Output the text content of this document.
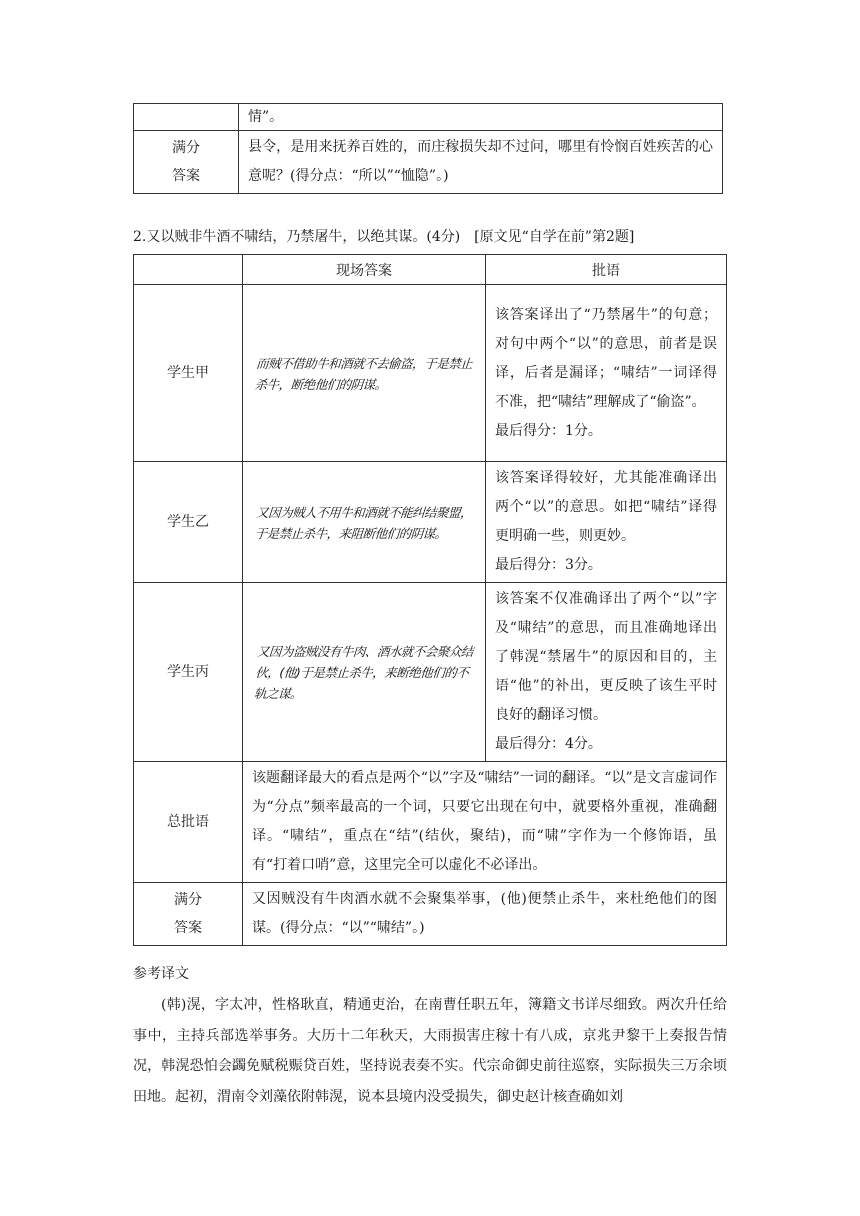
	情”。
满分
答案	县令，是用来抚养百姓的，而庄稼损失却不过问，哪里有怜悯百姓疾苦的心意呢？(得分点：“所以”“恤隐”。)

2.又以贼非牛酒不啸结，乃禁屠牛，以绝其谋。(4分)　[原文见“自学在前”第2题]

	现场答案	批语
学生甲	而贼不借助牛和酒就不去偷盗，于是禁止杀牛，断绝他们的阴谋。	该答案译出了“乃禁屠牛”的句意；对句中两个“以”的意思，前者是误译，后者是漏译；“啸结”一词译得不准，把“啸结”理解成了“偷盗”。
最后得分：1分。

学生乙	又因为贼人不用牛和酒就不能纠结聚盟，于是禁止杀牛，来阻断他们的阴谋。	该答案译得较好，尤其能准确译出两个“以”的意思。如把“啸结”译得更明确一些，则更妙。
最后得分：3分。

学生丙	又因为盗贼没有牛肉、酒水就不会聚众结伙，(他)于是禁止杀牛，来断绝他们的不轨之谋。	该答案不仅准确译出了两个“以”字及“啸结”的意思，而且准确地译出了韩滉“禁屠牛”的原因和目的，主语“他”的补出，更反映了该生平时良好的翻译习惯。
最后得分：4分。

总批语	该题翻译最大的看点是两个“以”字及“啸结”一词的翻译。“以”是文言虚词作为“分点”频率最高的一个词，只要它出现在句中，就要格外重视，准确翻译。“啸结”，重点在“结”(结伙，聚结)，而“啸”字作为一个修饰语，虽有“打着口哨”意，这里完全可以虚化不必译出。	
满分
答案	又因贼没有牛肉酒水就不会聚集举事，(他)便禁止杀牛，来杜绝他们的图谋。(得分点：“以”“啸结”。)	

参考译文

(韩)滉，字太冲，性格耿直，精通吏治，在南曹任职五年，簿籍文书详尽细致。两次升任给事中，主持兵部选举事务。大历十二年秋天，大雨损害庄稼十有八成，京兆尹黎干上奏报告情况，韩滉恐怕会蠲免赋税赈贷百姓，坚持说表奏不实。代宗命御史前往巡察，实际损失三万余顷田地。起初，渭南令刘藻依附韩滉，说本县境内没受损失，御史赵计核查确如刘
